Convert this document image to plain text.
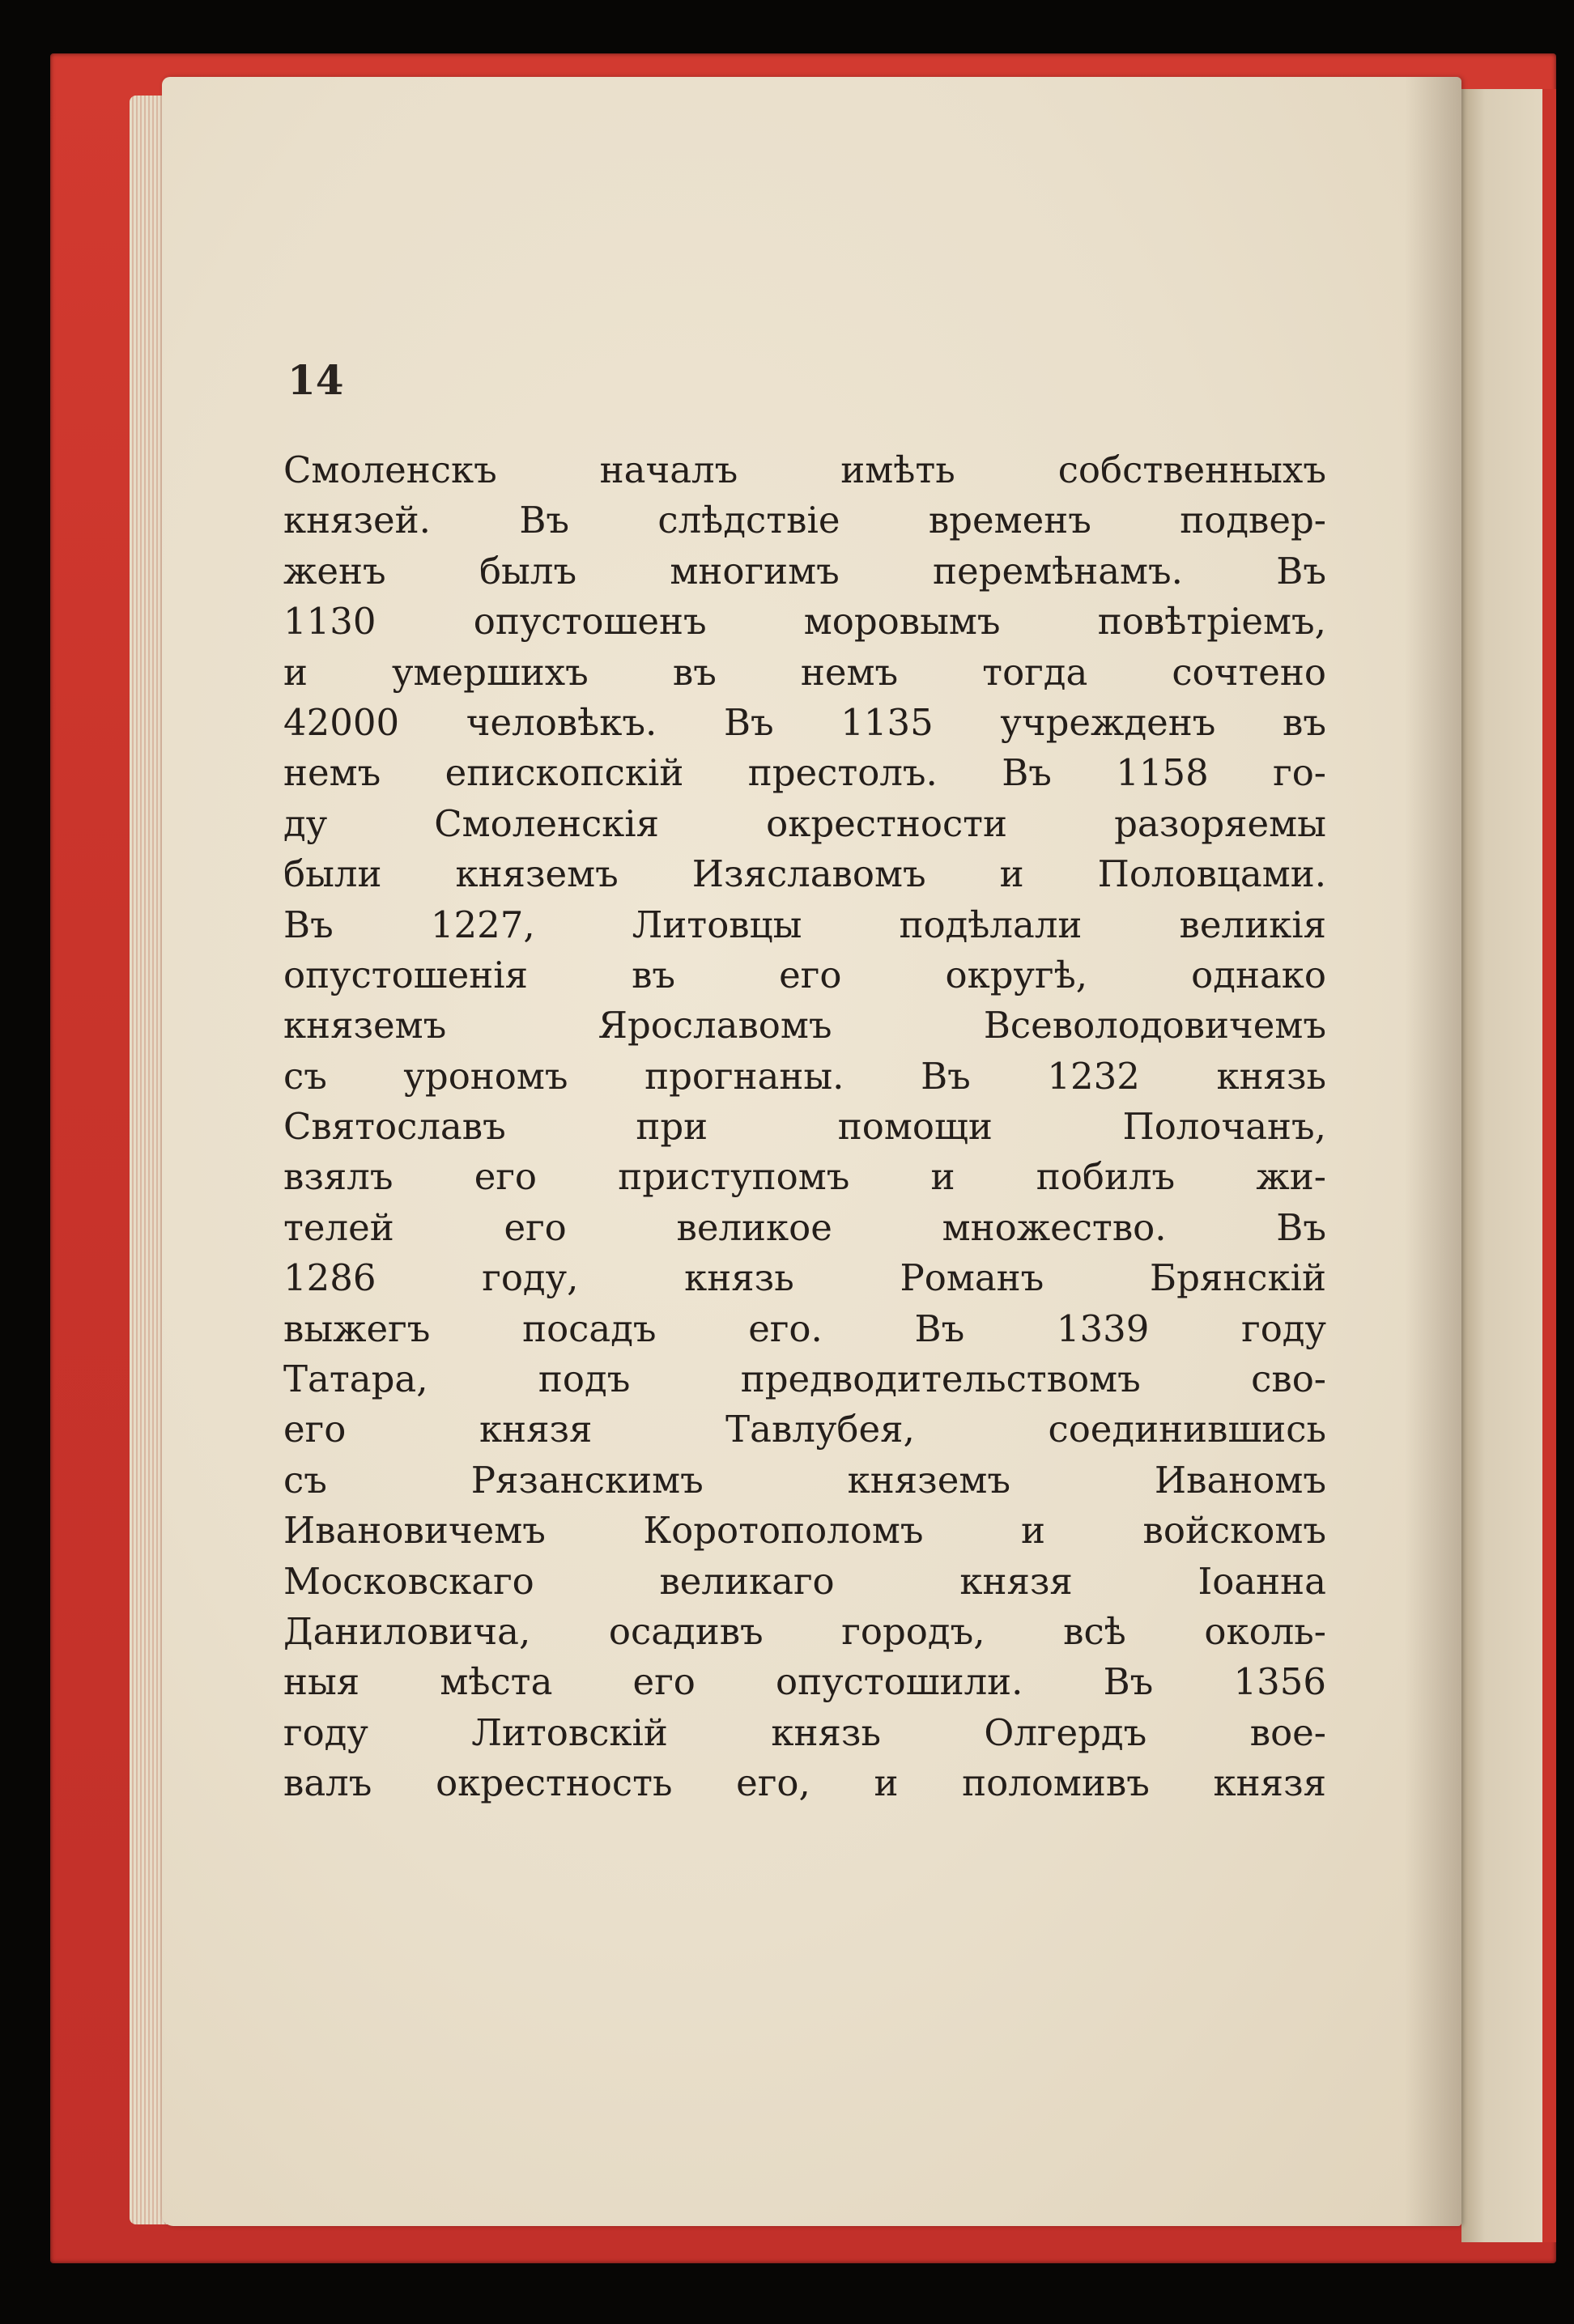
14

Смоленскъ началъ имѣть собственныхъ
князей. Въ слѣдствіе временъ подвер-
женъ былъ многимъ перемѣнамъ. Въ
1130 опустошенъ моровымъ повѣтріемъ,
и умершихъ въ немъ тогда сочтено
42000 человѣкъ. Въ 1135 учрежденъ въ
немъ епископскій престолъ. Въ 1158 го-
ду Смоленскія окрестности разоряемы
были княземъ Изяславомъ и Половцами.
Въ 1227, Литовцы подѣлали великія
опустошенія въ его округѣ, однако
княземъ Ярославомъ Всеволодовичемъ
съ урономъ прогнаны. Въ 1232 князь
Святославъ при помощи Полочанъ,
взялъ его приступомъ и побилъ жи-
телей его великое множество. Въ
1286 году, князь Романъ Брянскій
выжегъ посадъ его. Въ 1339 году
Татара, подъ предводительствомъ сво-
его князя Тавлубея, соединившись
съ Рязанскимъ княземъ Иваномъ
Ивановичемъ Коротополомъ и войскомъ
Московскаго великаго князя Іоанна
Даниловича, осадивъ городъ, всѣ околь-
ныя мѣста его опустошили. Въ 1356
году Литовскій князь Олгердъ вое-
валъ окрестность его, и поломивъ князя
